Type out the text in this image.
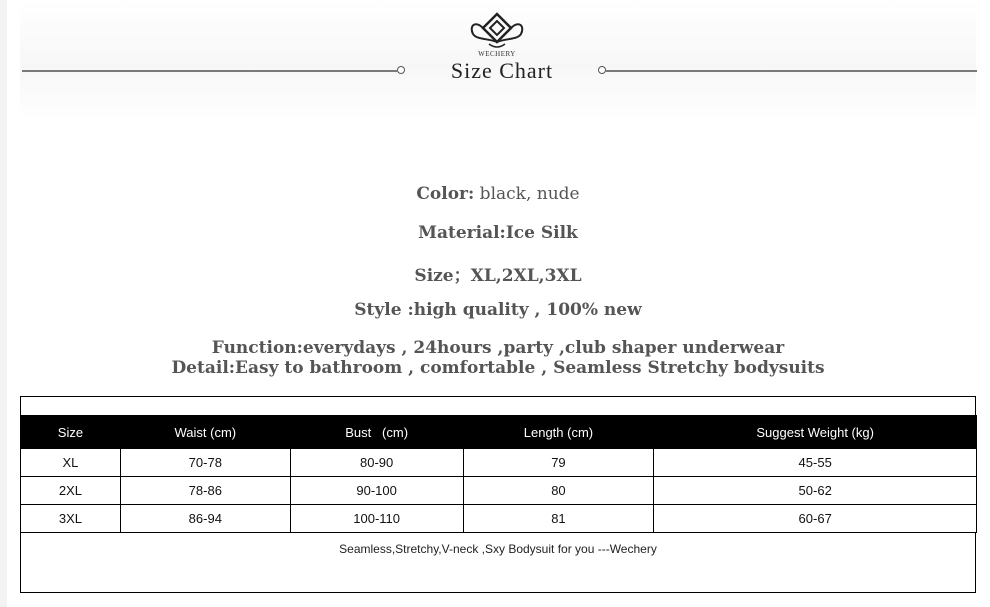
WECHERY
Size Chart
Color: black, nude
Material:Ice Silk
Size；XL,2XL,3XL
Style :high quality , 100% new
Function:everydays , 24hours ,party ,club shaper underwear
Detail:Easy to bathroom , comfortable , Seamless Stretchy bodysuits
Size	Waist (cm)	Bust   (cm)	Length (cm)	Suggest Weight (kg)
XL	70-78	80-90	79	45-55
2XL	78-86	90-100	80	50-62
3XL	86-94	100-110	81	60-67
Seamless,Stretchy,V-neck ,Sxy Bodysuit for you ---Wechery
